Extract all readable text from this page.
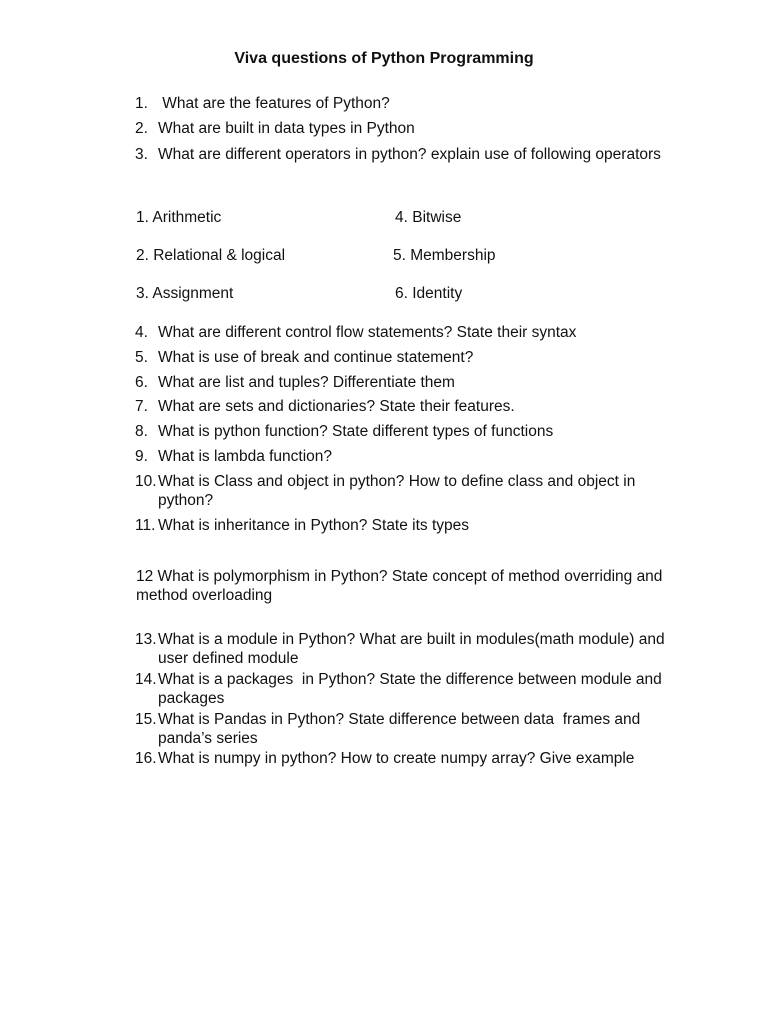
Viva questions of Python Programming
1. What are the features of Python?
2. What are built in data types in Python
3. What are different operators in python? explain use of following operators
1. Arithmetic	4. Bitwise
2. Relational & logical	5. Membership
3. Assignment	6. Identity
4. What are different control flow statements? State their syntax
5. What is use of break and continue statement?
6. What are list and tuples? Differentiate them
7. What are sets and dictionaries? State their features.
8. What is python function? State different types of functions
9. What is lambda function?
10. What is Class and object in python? How to define class and object in python?
11. What is inheritance in Python? State its types
12 What is polymorphism in Python? State concept of method overriding and method overloading
13. What is a module in Python? What are built in modules(math module) and user defined module
14. What is a packages  in Python? State the difference between module and packages
15. What is Pandas in Python? State difference between data  frames and panda’s series
16. What is numpy in python? How to create numpy array? Give example
